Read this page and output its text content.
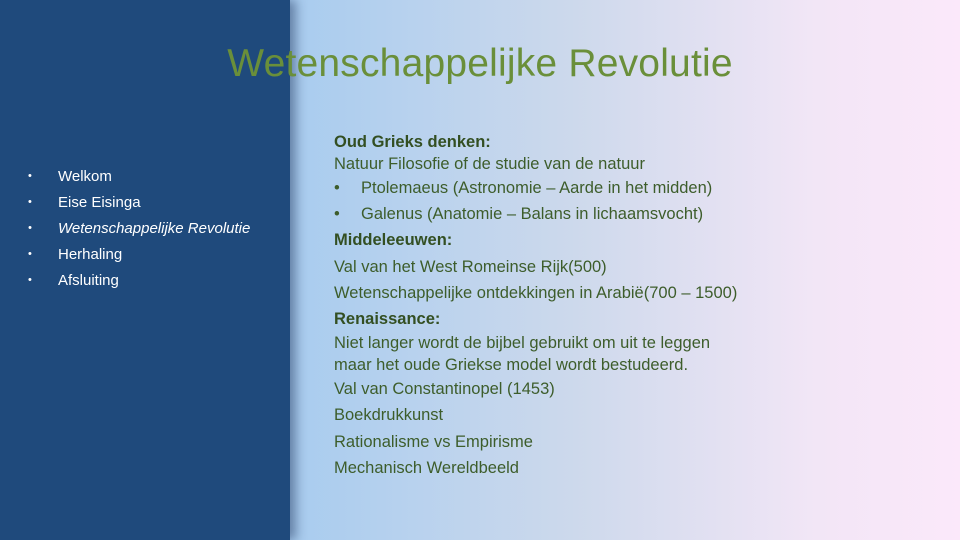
Wetenschappelijke Revolutie
•	Welkom
•	Eise Eisinga
•	Wetenschappelijke Revolutie
•	Herhaling
•	Afsluiting
Oud Grieks denken:
Natuur Filosofie of de studie van de natuur
• Ptolemaeus (Astronomie – Aarde in het midden)
• Galenus (Anatomie – Balans in lichaamsvocht)
Middeleeuwen:
Val van het West Romeinse Rijk(500)
Wetenschappelijke ontdekkingen in Arabië(700 – 1500)
Renaissance:
Niet langer wordt de bijbel gebruikt om uit te leggen
maar het oude Griekse model wordt bestudeerd.
Val van Constantinopel (1453)
Boekdrukkunst
Rationalisme vs Empirisme
Mechanisch Wereldbeeld
